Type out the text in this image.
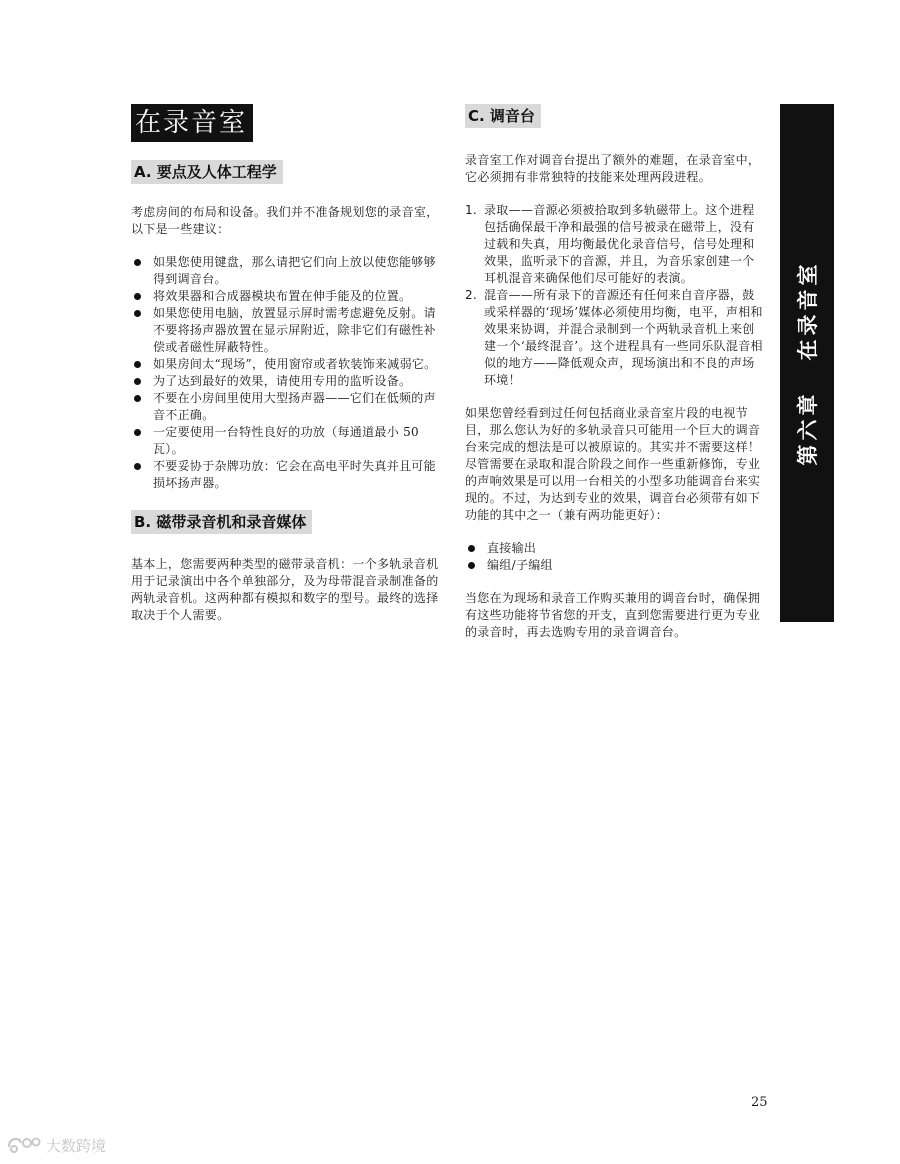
在录音室
A. 要点及人体工程学

考虑房间的布局和设备。我们并不准备规划您的录音室，以下是一些建议：

如果您使用键盘，那么请把它们向上放以使您能够够得到调音台。
将效果器和合成器模块布置在伸手能及的位置。
如果您使用电脑，放置显示屏时需考虑避免反射。请不要将扬声器放置在显示屏附近，除非它们有磁性补偿或者磁性屏蔽特性。
如果房间太“现场”，使用窗帘或者软装饰来减弱它。
为了达到最好的效果，请使用专用的监听设备。
不要在小房间里使用大型扬声器——它们在低频的声音不正确。
一定要使用一台特性良好的功放（每通道最小 50 瓦）。
不要妥协于杂牌功放：它会在高电平时失真并且可能损坏扬声器。
B. 磁带录音机和录音媒体

基本上，您需要两种类型的磁带录音机：一个多轨录音机用于记录演出中各个单独部分，及为母带混音录制准备的两轨录音机。这两种都有模拟和数字的型号。最终的选择取决于个人需要。

C. 调音台

录音室工作对调音台提出了额外的难题，在录音室中，它必须拥有非常独特的技能来处理两段进程。

1. 录取——音源必须被拾取到多轨磁带上。这个进程包括确保最干净和最强的信号被录在磁带上，没有过载和失真，用均衡最优化录音信号，信号处理和效果，监听录下的音源，并且，为音乐家创建一个耳机混音来确保他们尽可能好的表演。
2. 混音——所有录下的音源还有任何来自音序器，鼓或采样器的‘现场’媒体必须使用均衡，电平，声相和效果来协调，并混合录制到一个两轨录音机上来创建一个‘最终混音’。这个进程具有一些同乐队混音相似的地方——降低观众声，现场演出和不良的声场环境！

如果您曾经看到过任何包括商业录音室片段的电视节目，那么您认为好的多轨录音只可能用一个巨大的调音台来完成的想法是可以被原谅的。其实并不需要这样！尽管需要在录取和混合阶段之间作一些重新修饰，专业的声响效果是可以用一台相关的小型多功能调音台来实现的。不过，为达到专业的效果，调音台必须带有如下功能的其中之一（兼有两功能更好）：

直接输出
编组/子编组

当您在为现场和录音工作购买兼用的调音台时，确保拥有这些功能将节省您的开支，直到您需要进行更为专业的录音时，再去选购专用的录音调音台。

第六章在录音室
25
大数跨境
